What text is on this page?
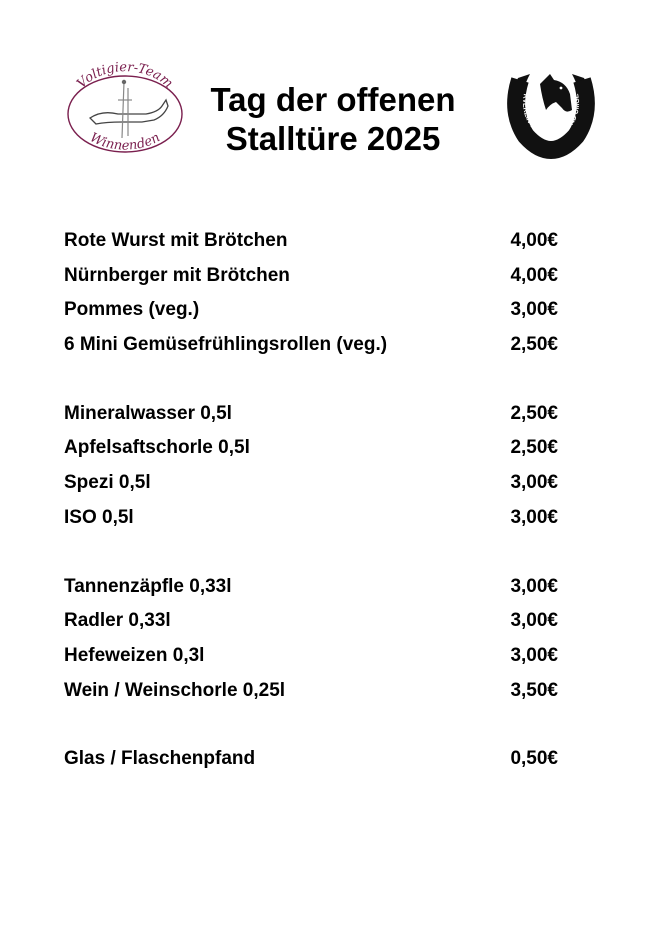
Voltigier-Team
Winnenden
Tag der offenen
Stalltüre 2025
RVEREIN WINNENDEN UND UMGE
Rote Wurst mit Brötchen	4,00€
Nürnberger mit Brötchen	4,00€
Pommes (veg.)	3,00€
6 Mini Gemüsefrühlingsrollen (veg.)	2,50€
Mineralwasser 0,5l	2,50€
Apfelsaftschorle 0,5l	2,50€
Spezi 0,5l	3,00€
ISO 0,5l	3,00€
Tannenzäpfle 0,33l	3,00€
Radler 0,33l	3,00€
Hefeweizen 0,3l	3,00€
Wein / Weinschorle 0,25l	3,50€
Glas / Flaschenpfand	0,50€
